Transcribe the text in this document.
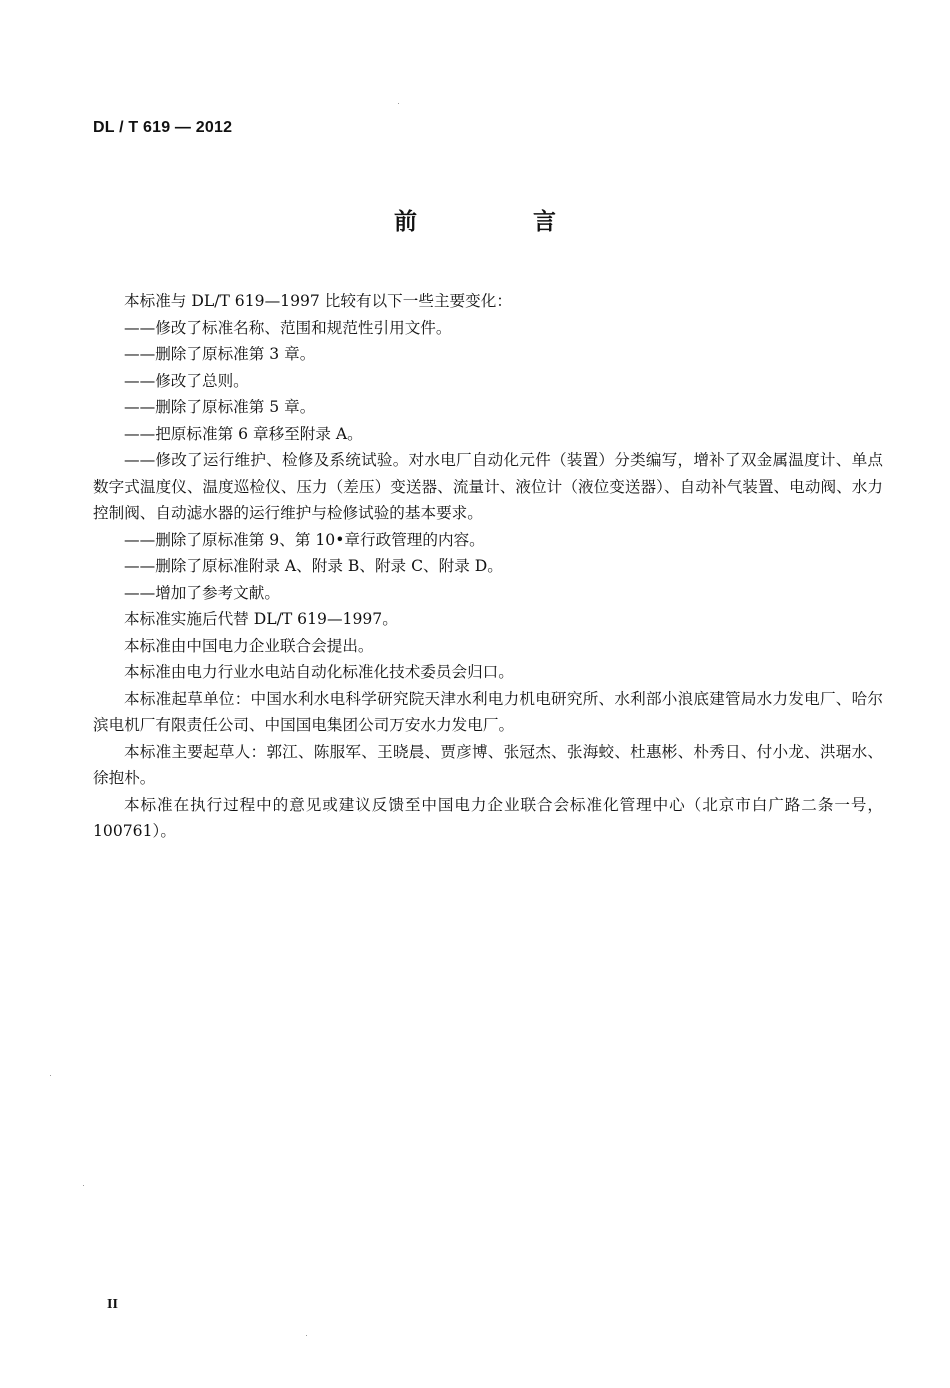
DL / T 619 — 2012
前 言

本标准与 DL/T 619—1997 比较有以下一些主要变化：

——修改了标准名称、范围和规范性引用文件。

——删除了原标准第 3 章。

——修改了总则。

——删除了原标准第 5 章。

——把原标准第 6 章移至附录 A。

——修改了运行维护、检修及系统试验。对水电厂自动化元件（装置）分类编写，增补了双金属温度计、单点数字式温度仪、温度巡检仪、压力（差压）变送器、流量计、液位计（液位变送器）、自动补气装置、电动阀、水力控制阀、自动滤水器的运行维护与检修试验的基本要求。

——删除了原标准第 9、第 10•章行政管理的内容。

——删除了原标准附录 A、附录 B、附录 C、附录 D。

——增加了参考文献。

本标准实施后代替 DL/T 619—1997。

本标准由中国电力企业联合会提出。

本标准由电力行业水电站自动化标准化技术委员会归口。

本标准起草单位：中国水利水电科学研究院天津水利电力机电研究所、水利部小浪底建管局水力发电厂、哈尔滨电机厂有限责任公司、中国国电集团公司万安水力发电厂。

本标准主要起草人：郭江、陈服军、王晓晨、贾彦博、张冠杰、张海蛟、杜惠彬、朴秀日、付小龙、洪琚水、徐抱朴。

本标准在执行过程中的意见或建议反馈至中国电力企业联合会标准化管理中心（北京市白广路二条一号，100761）。

II
